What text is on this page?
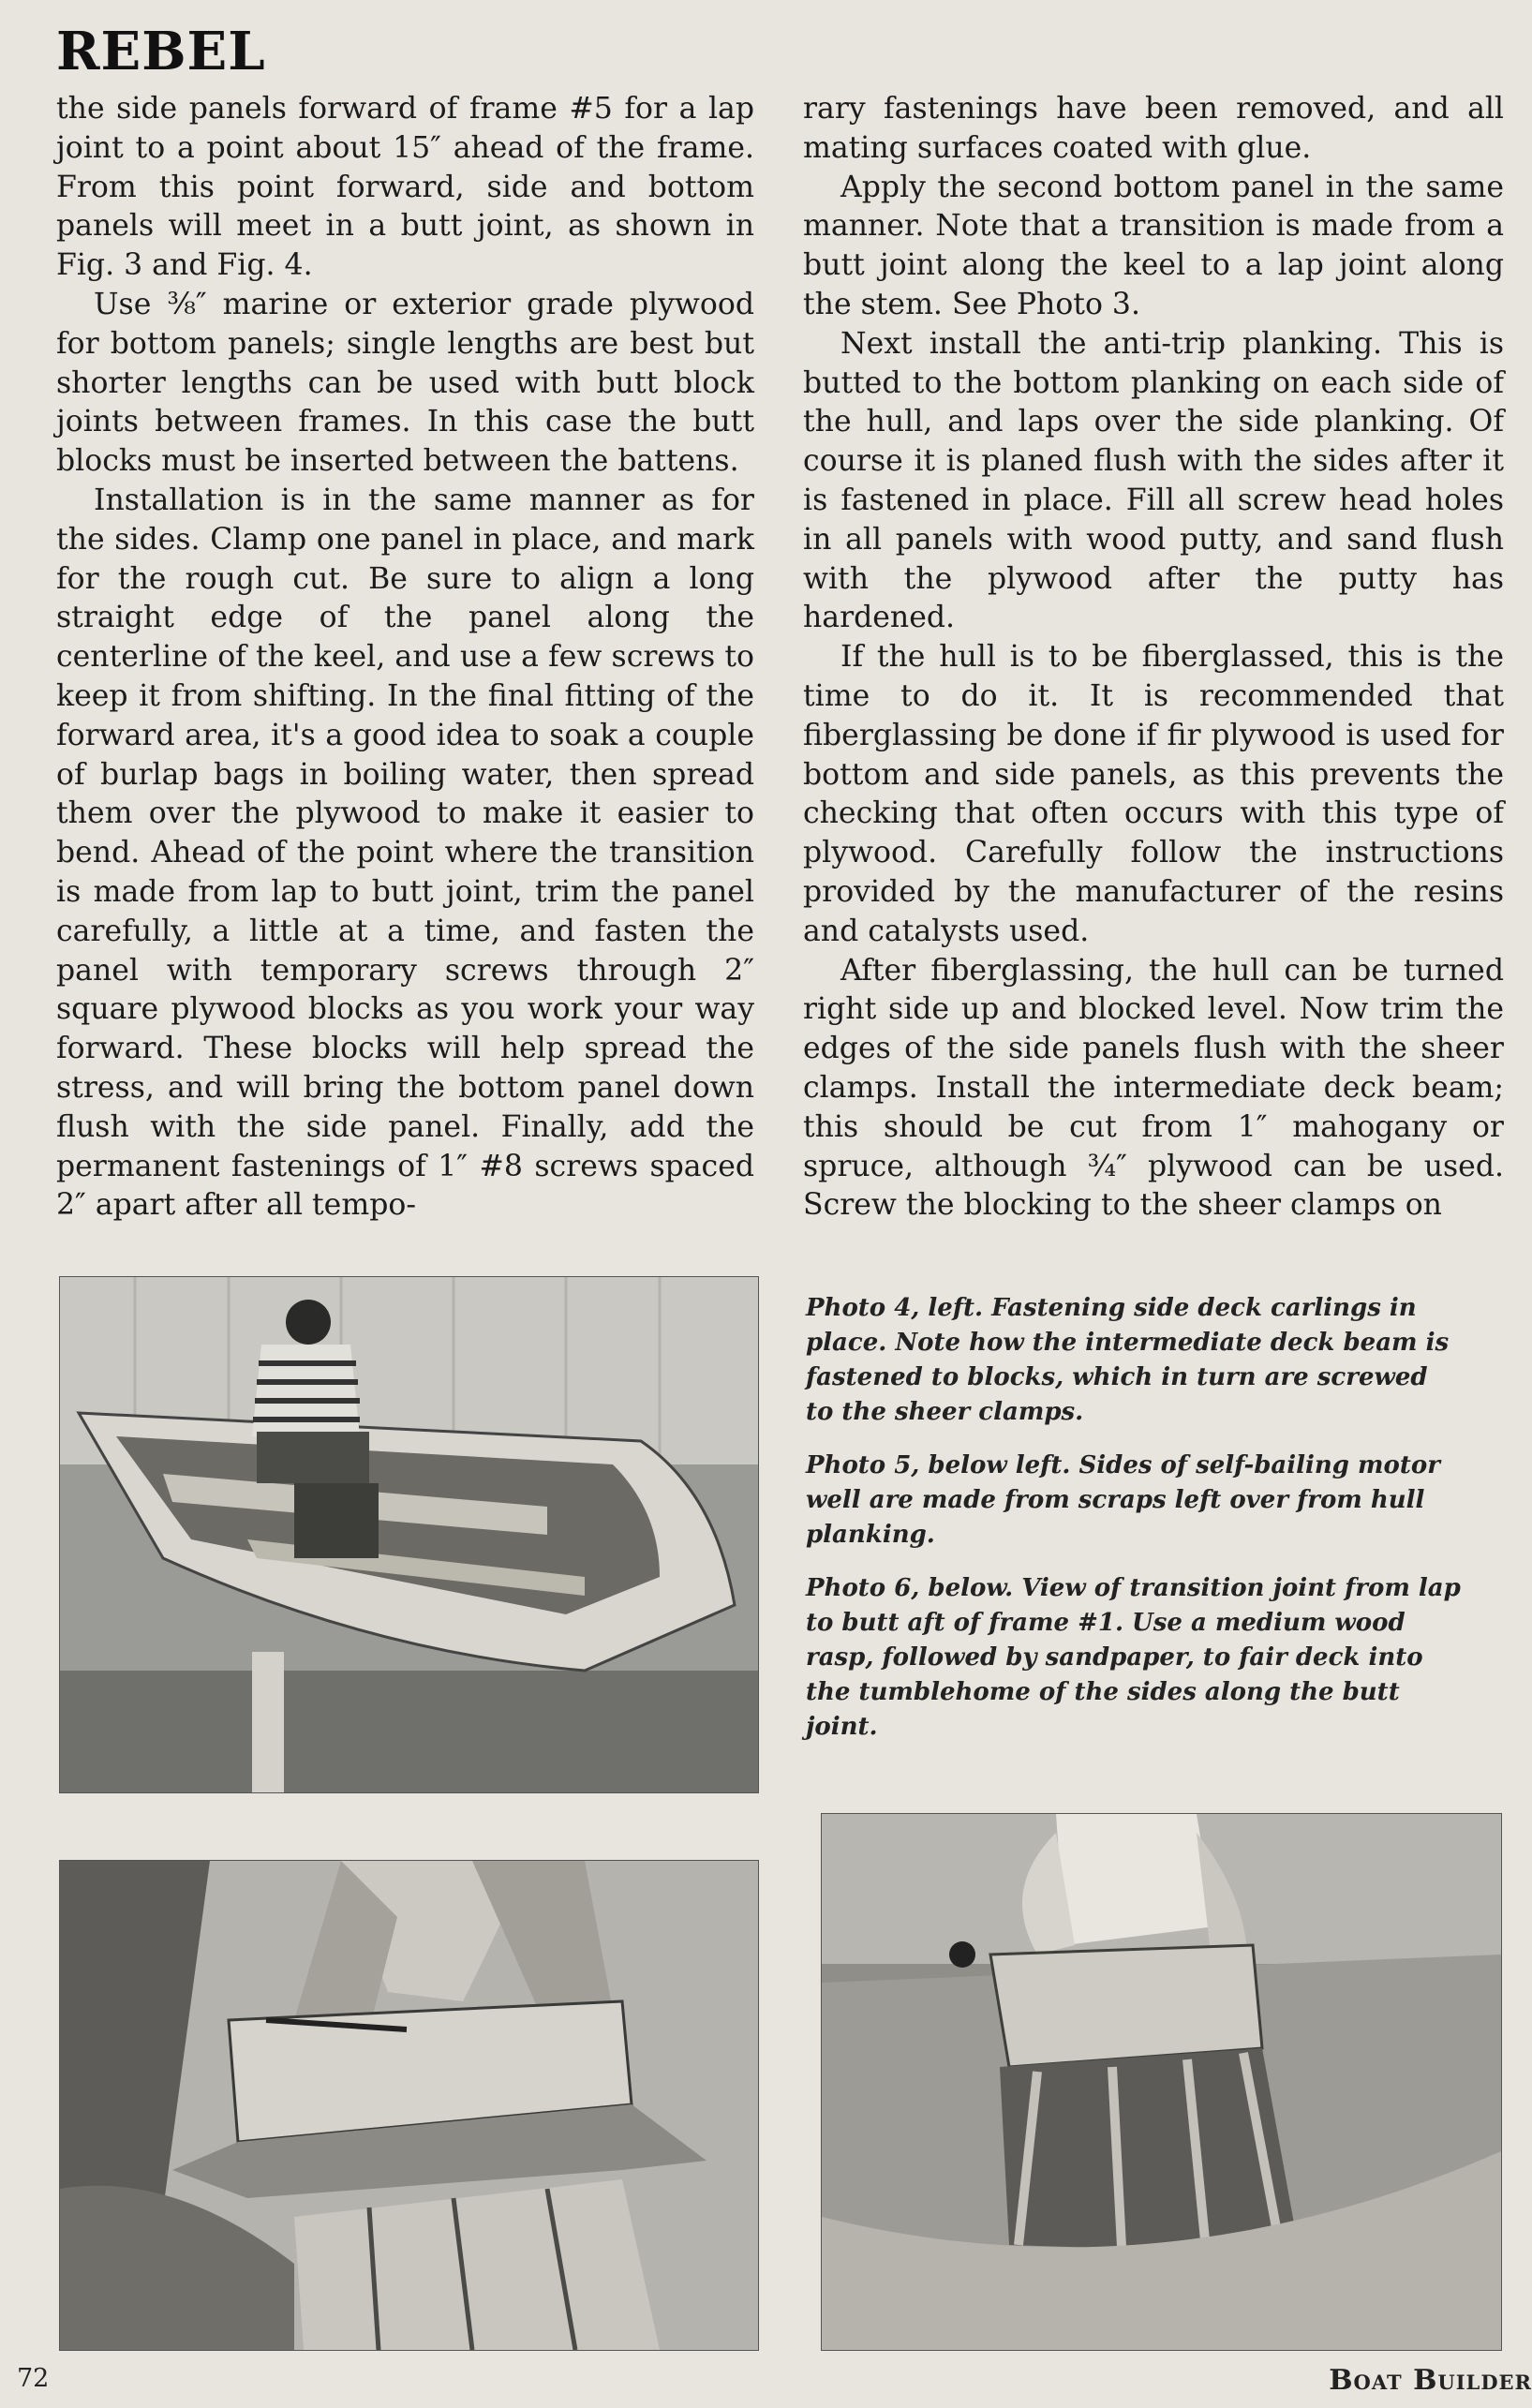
REBEL

the side panels forward of frame #5 for a lap joint to a point about 15″ ahead of the frame. From this point forward, side and bottom panels will meet in a butt joint, as shown in Fig. 3 and Fig. 4.

Use ⅜″ marine or exterior grade plywood for bottom panels; single lengths are best but shorter lengths can be used with butt block joints between frames. In this case the butt blocks must be inserted between the battens.

Installation is in the same manner as for the sides. Clamp one panel in place, and mark for the rough cut. Be sure to align a long straight edge of the panel along the centerline of the keel, and use a few screws to keep it from shifting. In the final fitting of the forward area, it's a good idea to soak a couple of burlap bags in boiling water, then spread them over the plywood to make it easier to bend. Ahead of the point where the transition is made from lap to butt joint, trim the panel carefully, a little at a time, and fasten the panel with temporary screws through 2″ square plywood blocks as you work your way forward. These blocks will help spread the stress, and will bring the bottom panel down flush with the side panel. Finally, add the permanent fastenings of 1″ #8 screws spaced 2″ apart after all tempo-

rary fastenings have been removed, and all mating surfaces coated with glue.

Apply the second bottom panel in the same manner. Note that a transition is made from a butt joint along the keel to a lap joint along the stem. See Photo 3.

Next install the anti-trip planking. This is butted to the bottom planking on each side of the hull, and laps over the side planking. Of course it is planed flush with the sides after it is fastened in place. Fill all screw head holes in all panels with wood putty, and sand flush with the plywood after the putty has hardened.

If the hull is to be fiberglassed, this is the time to do it. It is recommended that fiberglassing be done if fir plywood is used for bottom and side panels, as this prevents the checking that often occurs with this type of plywood. Carefully follow the instructions provided by the manufacturer of the resins and catalysts used.

After fiberglassing, the hull can be turned right side up and blocked level. Now trim the edges of the side panels flush with the sheer clamps. Install the intermediate deck beam; this should be cut from 1″ mahogany or spruce, although ¾″ plywood can be used. Screw the blocking to the sheer clamps on

Photo 4, left. Fastening side deck carlings in place. Note how the intermediate deck beam is fastened to blocks, which in turn are screwed to the sheer clamps.

Photo 5, below left. Sides of self-bailing motor well are made from scraps left over from hull planking.

Photo 6, below. View of transition joint from lap to butt aft of frame #1. Use a medium wood rasp, followed by sandpaper, to fair deck into the tumblehome of the sides along the butt joint.

72	Boat Builder
